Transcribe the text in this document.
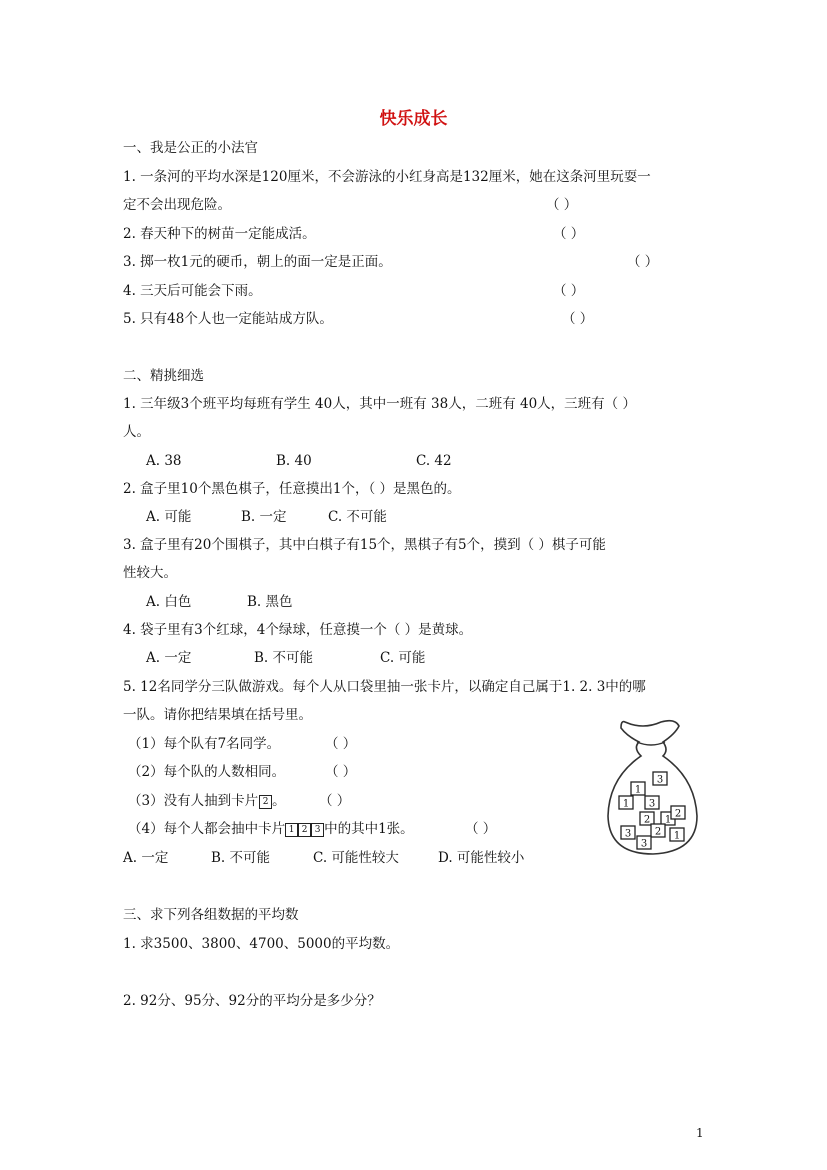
快乐成长
一、我是公正的小法官
1. 一条河的平均水深是120厘米，不会游泳的小红身高是132厘米，她在这条河里玩耍一
定不会出现危险。	（ ）
2. 春天种下的树苗一定能成活。	（ ）
3. 掷一枚1元的硬币，朝上的面一定是正面。	（ ）
4. 三天后可能会下雨。	（ ）
5. 只有48个人也一定能站成方队。	（ ）
二、精挑细选
1. 三年级3个班平均每班有学生 40人，其中一班有 38人，二班有 40人，三班有（ ）
人。
A. 38	B. 40	C. 42
2. 盒子里10个黑色棋子，任意摸出1个，（ ）是黑色的。
A. 可能	B. 一定	C. 不可能
3. 盒子里有20个围棋子，其中白棋子有15个，黑棋子有5个，摸到（ ）棋子可能
性较大。
A. 白色	B. 黑色
4. 袋子里有3个红球，4个绿球，任意摸一个（ ）是黄球。
A. 一定	B. 不可能	C. 可能
5. 12名同学分三队做游戏。每个人从口袋里抽一张卡片，以确定自己属于1. 2. 3中的哪
一队。请你把结果填在括号里。
（1）每个队有7名同学。	（ ）
（2）每个队的人数相同。	（ ）
（3）没有人抽到卡片 2 。 （ ）
（4）每个人都会抽中卡片 1 2 3 中的其中1张。	（ ）
A. 一定	B. 不可能	C. 可能性较大	D. 可能性较小
1
3
1 3
2 1
2
1
3 2
3
三、求下列各组数据的平均数
1. 求3500、3800、4700、5000的平均数。
2. 92分、95分、92分的平均分是多少分？
1
